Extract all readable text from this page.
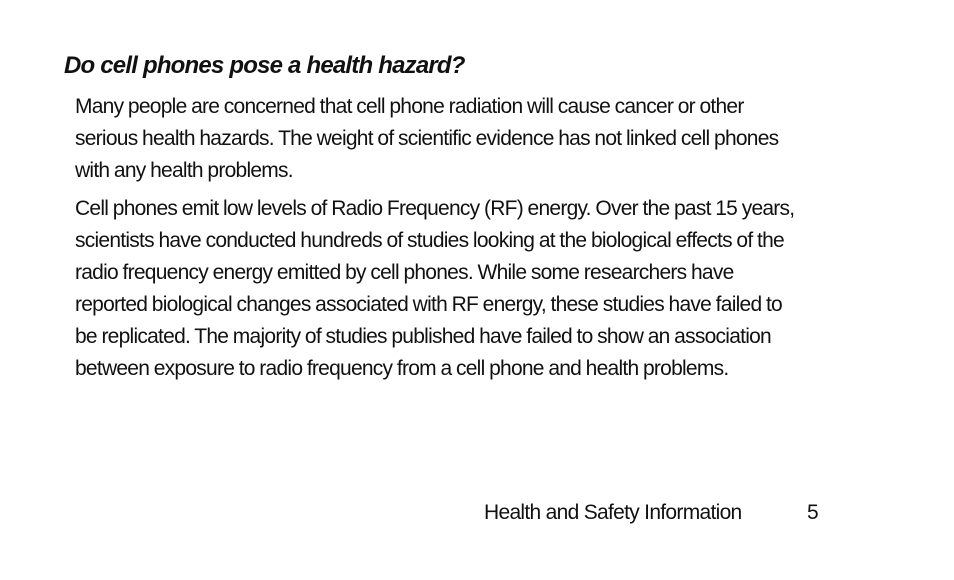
Do cell phones pose a health hazard?

Many people are concerned that cell phone radiation will cause cancer or other
serious health hazards. The weight of scientific evidence has not linked cell phones
with any health problems.

Cell phones emit low levels of Radio Frequency (RF) energy. Over the past 15 years,
scientists have conducted hundreds of studies looking at the biological effects of the
radio frequency energy emitted by cell phones. While some researchers have
reported biological changes associated with RF energy, these studies have failed to
be replicated. The majority of studies published have failed to show an association
between exposure to radio frequency from a cell phone and health problems.

Health and Safety Information	5
